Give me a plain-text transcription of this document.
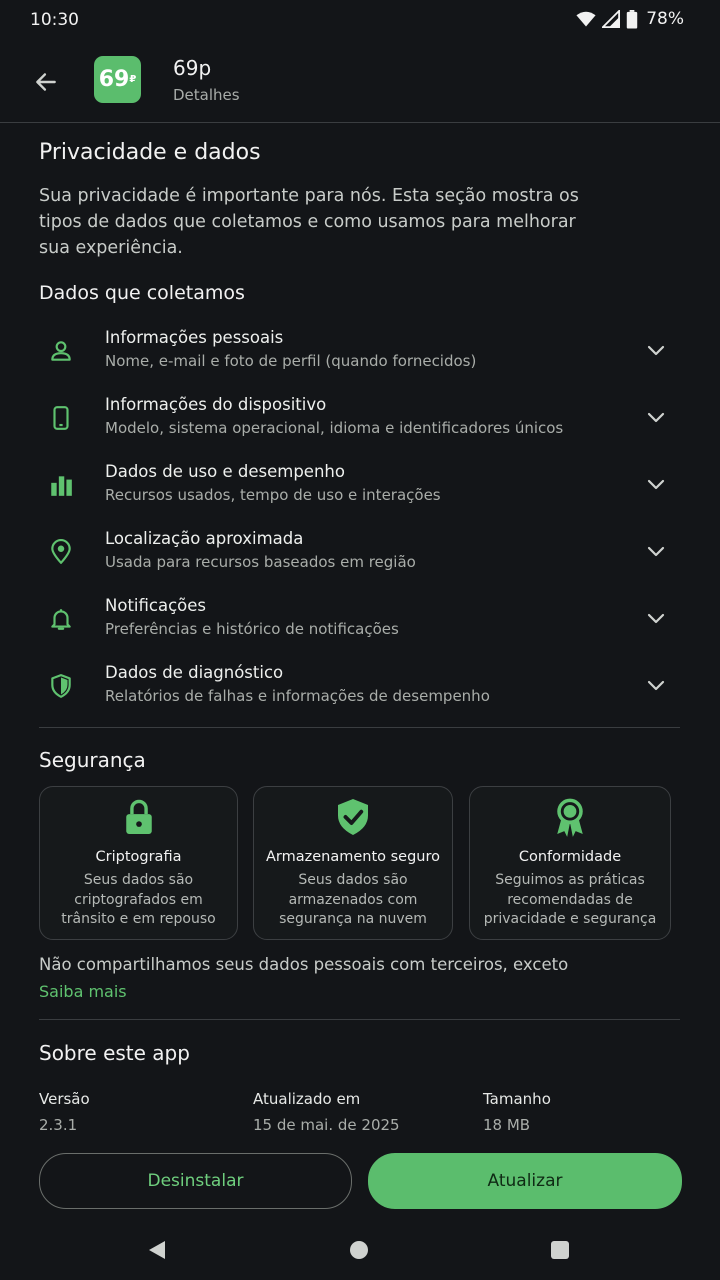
10:30	78%
69 ₽ 69p
Detalhes
Privacidade e dados
Sua privacidade é importante para nós. Esta seção mostra os tipos de dados que coletamos e como usamos para melhorar sua experiência.
Dados que coletamos
Informações pessoais
Nome, e-mail e foto de perfil (quando fornecidos)
Informações do dispositivo
Modelo, sistema operacional, idioma e identificadores únicos
Dados de uso e desempenho
Recursos usados, tempo de uso e interações
Localização aproximada
Usada para recursos baseados em região
Notificações
Preferências e histórico de notificações
Dados de diagnóstico
Relatórios de falhas e informações de desempenho
Segurança
Criptografia
Seus dados são criptografados em trânsito e em repouso
Armazenamento seguro
Seus dados são armazenados com segurança na nuvem
Conformidade
Seguimos as práticas recomendadas de privacidade e segurança
Não compartilhamos seus dados pessoais com terceiros, exceto
Saiba mais
Sobre este app
Versão
2.3.1
Atualizado em
15 de mai. de 2025
Tamanho
18 MB
Desinstalar	Atualizar
